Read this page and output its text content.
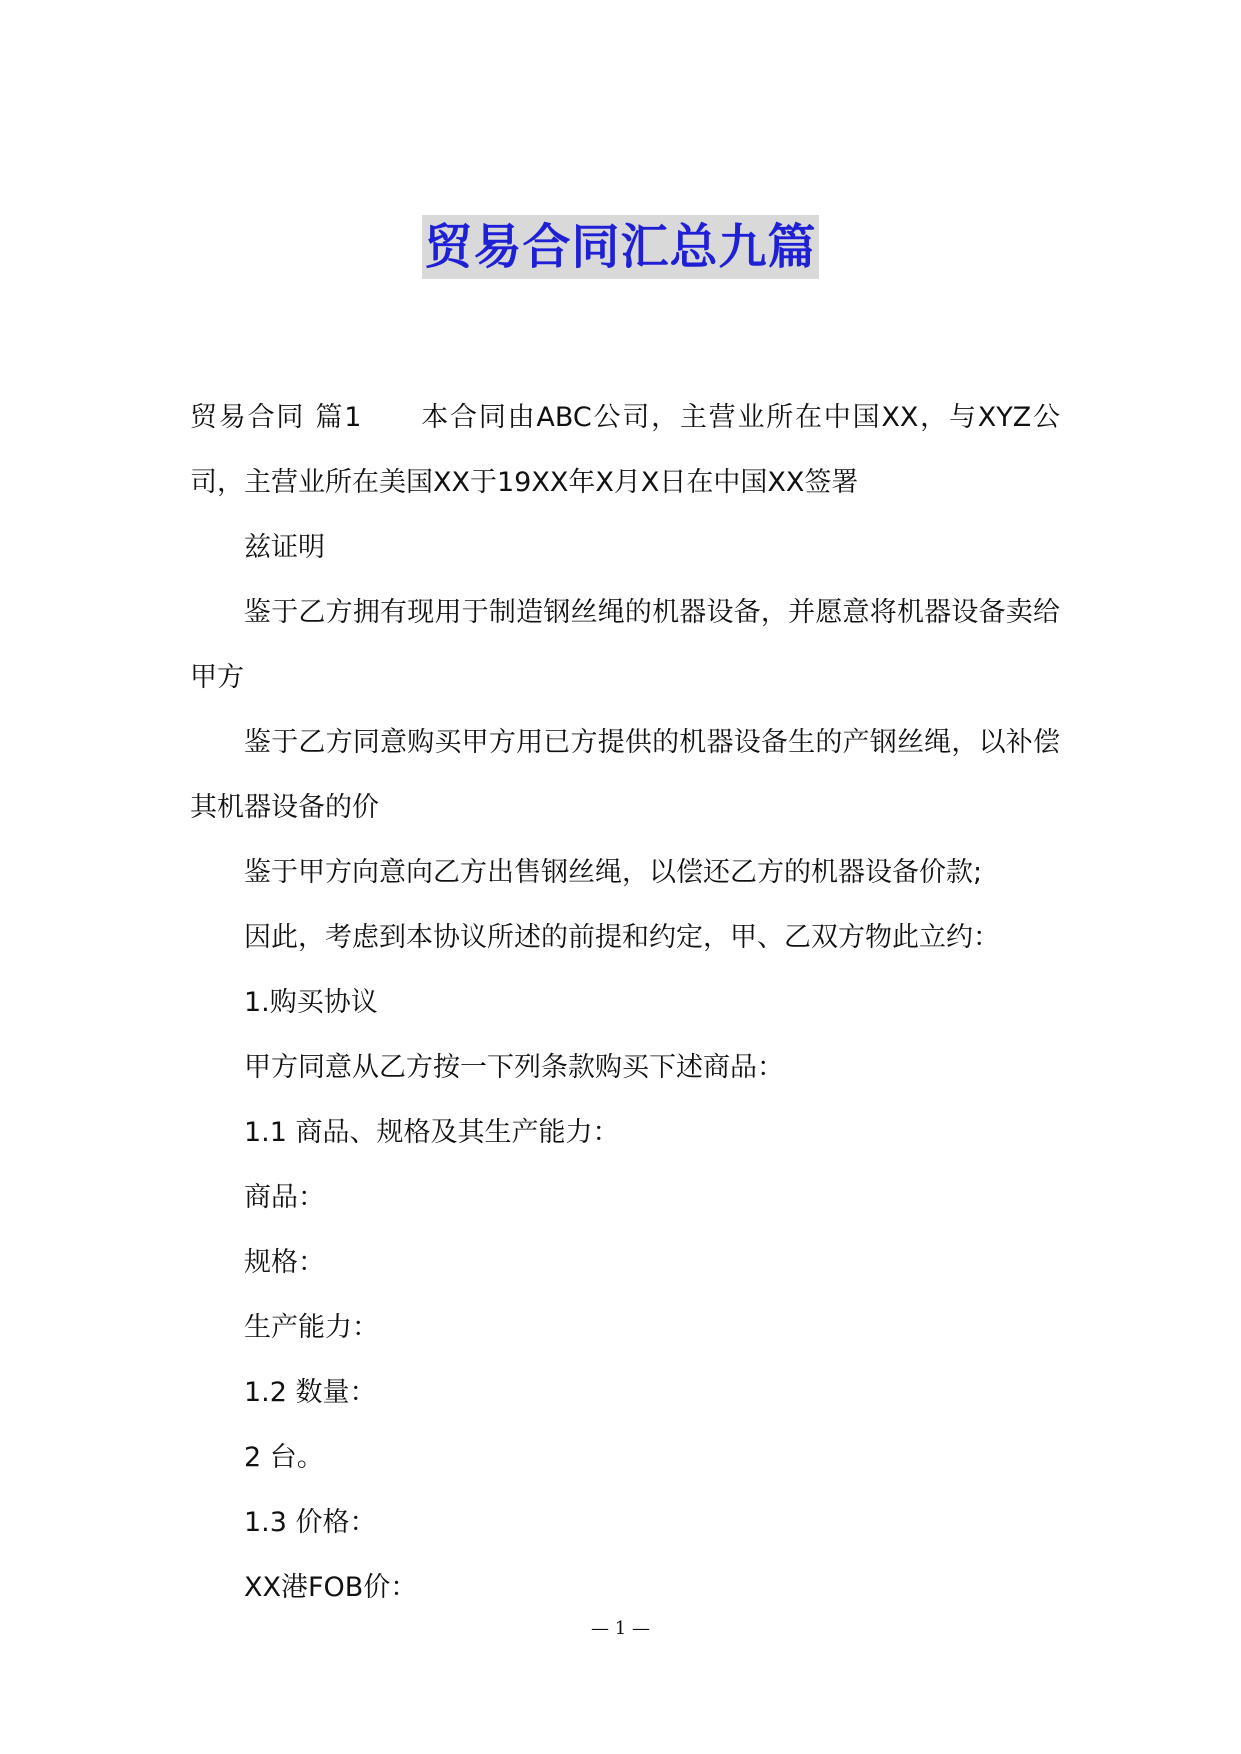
贸易合同汇总九篇

贸易合同 篇1 本合同由ABC公司，主营业所在中国XX，与XYZ公司，主营业所在美国XX于19XX年X月X日在中国XX签署

兹证明

鉴于乙方拥有现用于制造钢丝绳的机器设备，并愿意将机器设备卖给甲方

鉴于乙方同意购买甲方用已方提供的机器设备生的产钢丝绳，以补偿其机器设备的价

鉴于甲方向意向乙方出售钢丝绳，以偿还乙方的机器设备价款;

因此，考虑到本协议所述的前提和约定，甲、乙双方物此立约：

1.购买协议

甲方同意从乙方按一下列条款购买下述商品：

1.1 商品、规格及其生产能力：

商品：

规格：

生产能力：

1.2 数量：

2 台。

1.3 价格：

XX港FOB价：

— 1 —
